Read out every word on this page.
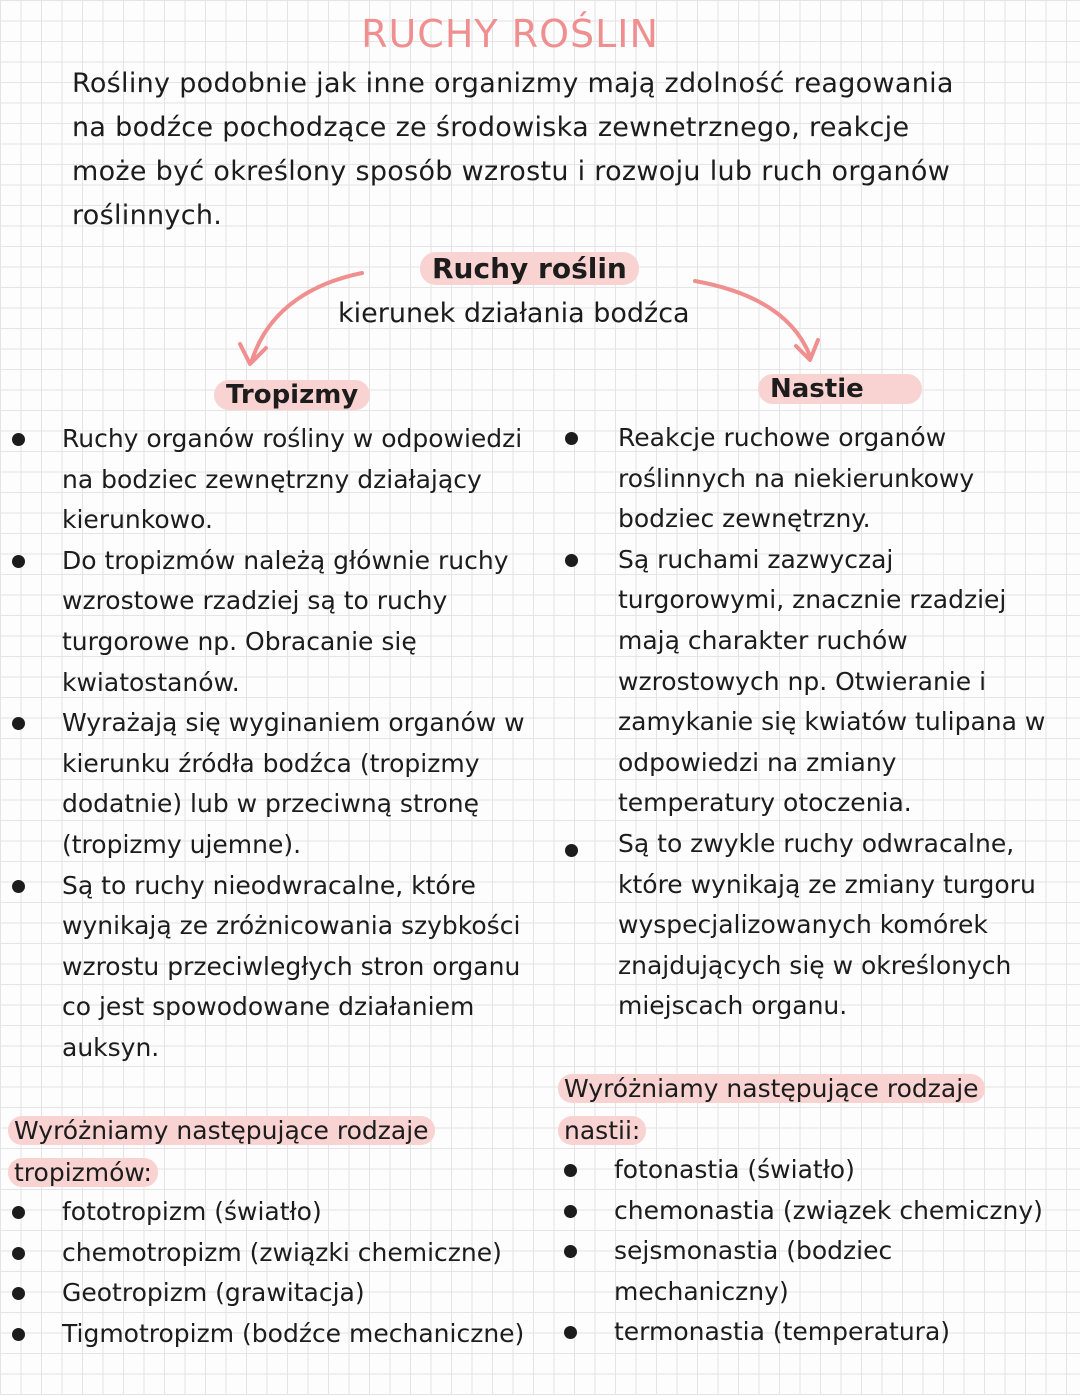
RUCHY ROŚLIN
Rośliny podobnie jak inne organizmy mają zdolność reagowania
na bodźce pochodzące ze środowiska zewnetrznego, reakcje
może być określony sposób wzrostu i rozwoju lub ruch organów
roślinnych.
Ruchy roślin
kierunek działania bodźca
Tropizmy	Nastie
Ruchy organów rośliny w odpowiedzi
na bodziec zewnętrzny działający
kierunkowo.
Do tropizmów należą głównie ruchy
wzrostowe rzadziej są to ruchy
turgorowe np. Obracanie się
kwiatostanów.
Wyrażają się wyginaniem organów w
kierunku źródła bodźca (tropizmy
dodatnie) lub w przeciwną stronę
(tropizmy ujemne).
Są to ruchy nieodwracalne, które
wynikają ze zróżnicowania szybkości
wzrostu przeciwległych stron organu
co jest spowodowane działaniem
auksyn.
Reakcje ruchowe organów
roślinnych na niekierunkowy
bodziec zewnętrzny.
Są ruchami zazwyczaj
turgorowymi, znacznie rzadziej
mają charakter ruchów
wzrostowych np. Otwieranie i
zamykanie się kwiatów tulipana w
odpowiedzi na zmiany
temperatury otoczenia.
Są to zwykle ruchy odwracalne,
które wynikają ze zmiany turgoru
wyspecjalizowanych komórek
znajdujących się w określonych
miejscach organu.
Wyróżniamy następujące rodzaje
tropizmów:
fototropizm (światło)
chemotropizm (związki chemiczne)
Geotropizm (grawitacja)
Tigmotropizm (bodźce mechaniczne)
Wyróżniamy następujące rodzaje
nastii:
fotonastia (światło)
chemonastia (związek chemiczny)
sejsmonastia (bodziec
mechaniczny)
termonastia (temperatura)
